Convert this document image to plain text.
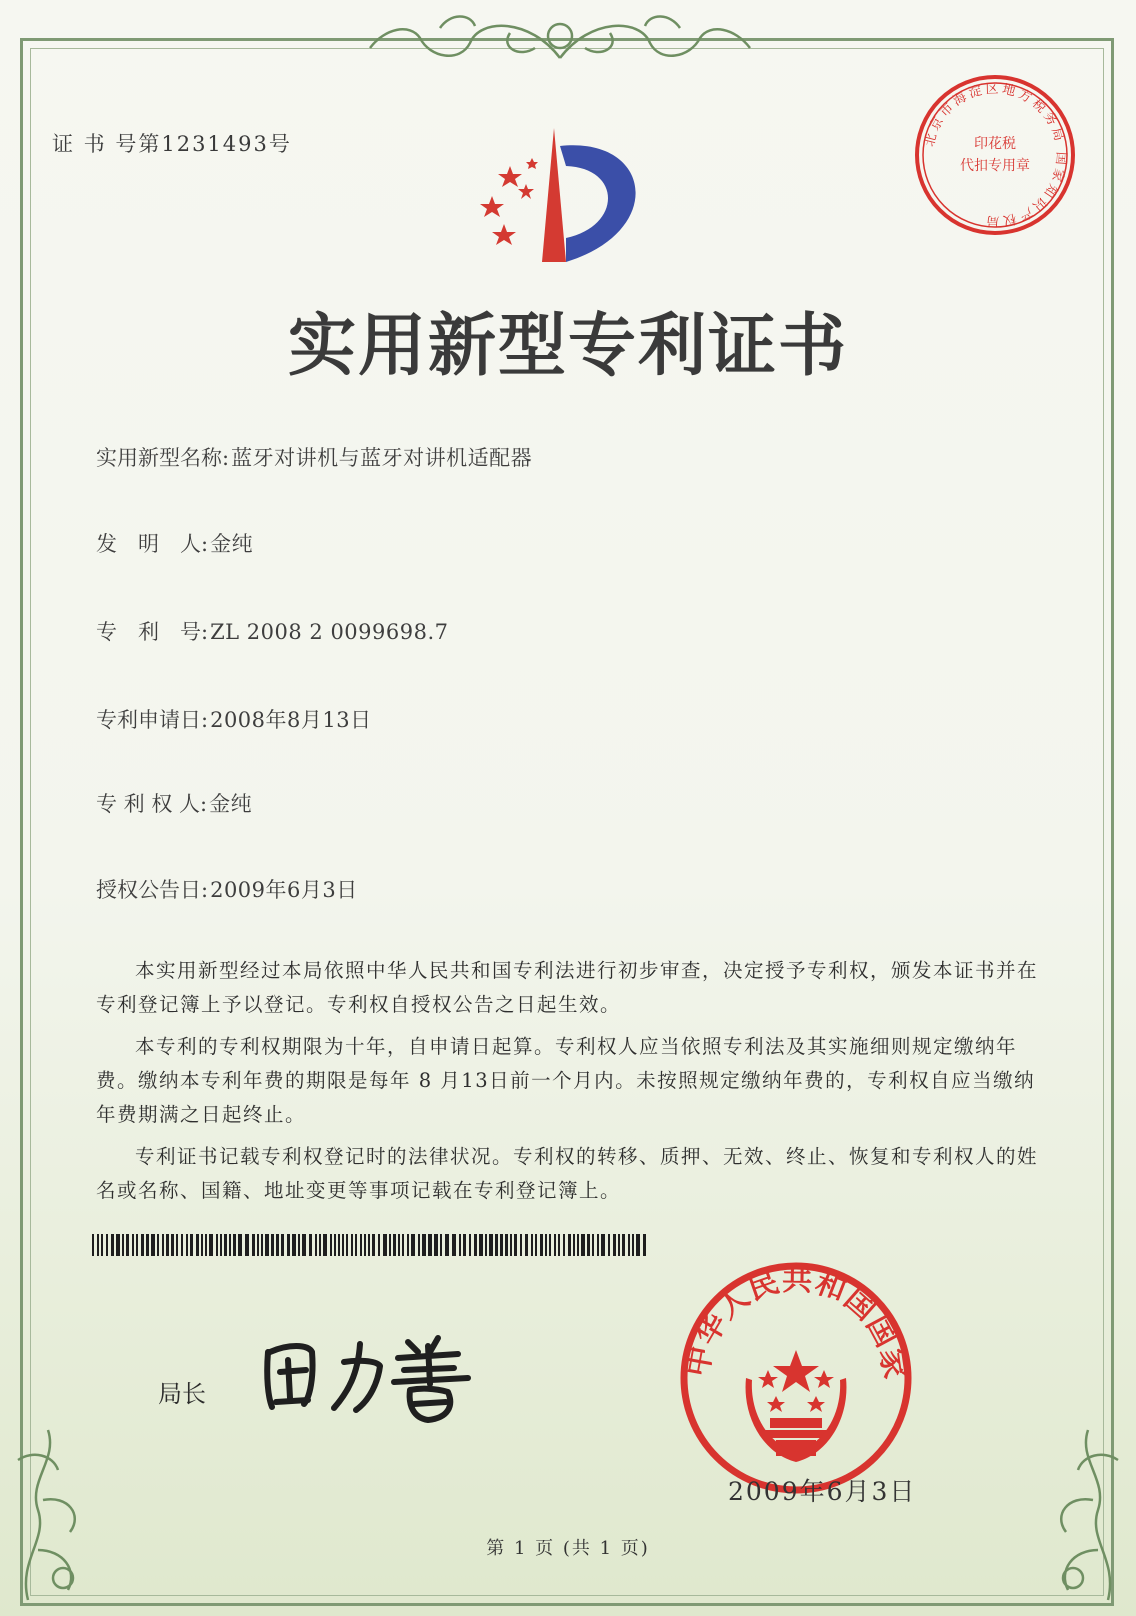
证 书 号第1231493号	北京市海淀区地方税务局 国家知识产权局
印花税
代扣专用章
实用新型专利证书
实用新型名称:蓝牙对讲机与蓝牙对讲机适配器
发　明　人:金纯
专　利　号:ZL 2008 2 0099698.7
专利申请日:2008年8月13日
专 利 权 人:金纯
授权公告日:2009年6月3日

本实用新型经过本局依照中华人民共和国专利法进行初步审查，决定授予专利权，颁发本证书并在专利登记簿上予以登记。专利权自授权公告之日起生效。

本专利的专利权期限为十年，自申请日起算。专利权人应当依照专利法及其实施细则规定缴纳年费。缴纳本专利年费的期限是每年 8 月13日前一个月内。未按照规定缴纳年费的，专利权自应当缴纳年费期满之日起终止。

专利证书记载专利权登记时的法律状况。专利权的转移、质押、无效、终止、恢复和专利权人的姓名或名称、国籍、地址变更等事项记载在专利登记簿上。

局长
中华人民共和国国家
2009年6月3日
第 1 页 (共 1 页)
